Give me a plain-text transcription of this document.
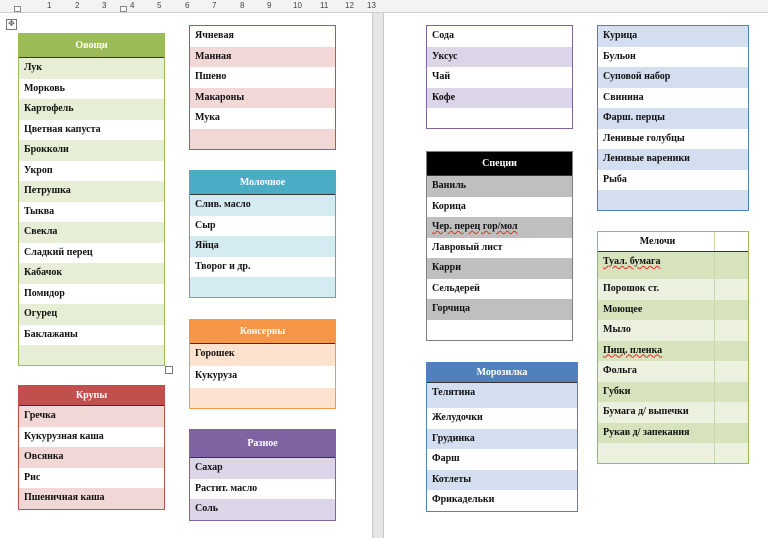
1	2	3	4	5	6	7	8	9	10 11 12 13
✥
Овощи
Лук
Морковь
Картофель
Цветная капуста
Брокколи
Укроп
Петрушка
Тыква
Свекла
Сладкий перец
Кабачок
Помидор
Огурец
Баклажаны
Ячневая
Манная
Пшено
Макароны
Мука
Молочное
Слив. масло
Сыр
Яйца
Творог и др.
Консервы
Горошек
Кукуруза
Крупы
Гречка
Кукурузная каша
Овсянка
Рис
Пшеничная каша
Разное
Сахар
Растит. масло
Соль
Сода
Уксус
Чай
Кофе
Специи
Ваниль
Корица
Чер. перец гор/мол
Лавровый лист
Карри
Сельдерей
Горчица
Морозилка
Телятина
Желудочки
Грудинка
Фарш
Котлеты
Фрикадельки
Курица
Бульон
Суповой набор
Свинина
Фарш. перцы
Ленивые голубцы
Ленивые вареники
Рыба
Мелочи
Туал. бумага
Порошок ст.
Моющее
Мыло
Пищ. пленка
Фольга
Губки
Бумага д/ выпечки
Рукав д/ запекания
